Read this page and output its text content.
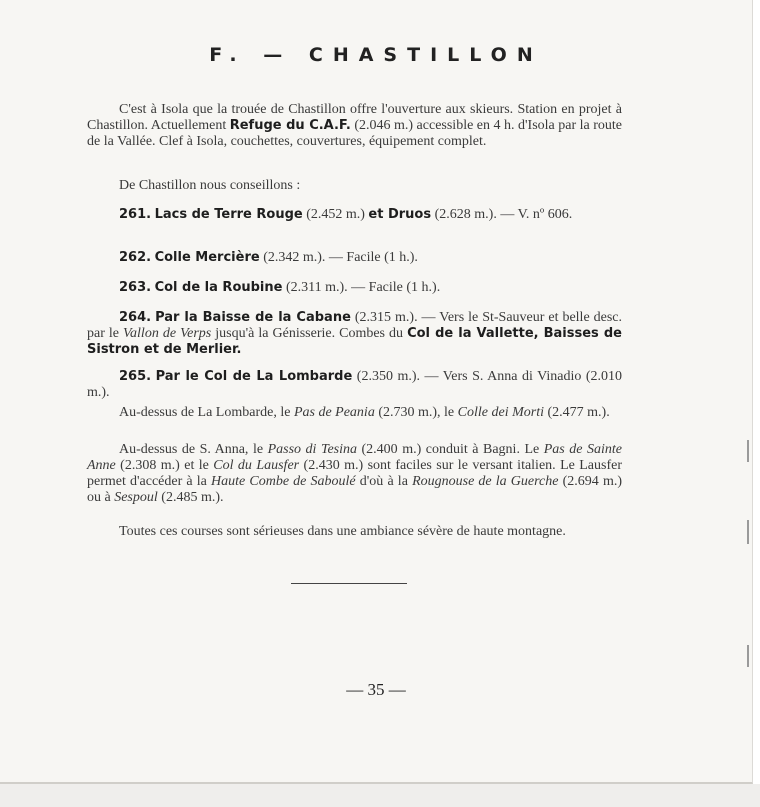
F. — CHASTILLON
C'est à Isola que la trouée de Chastillon offre l'ouverture aux skieurs. Station en projet à Chastillon. Actuellement Refuge du C.A.F. (2.046 m.) accessible en 4 h. d'Isola par la route de la Vallée. Clef à Isola, couchettes, couvertures, équipement complet.
De Chastillon nous conseillons :
261. Lacs de Terre Rouge (2.452 m.) et Druos (2.628 m.). — V. nº 606.
262. Colle Mercière (2.342 m.). — Facile (1 h.).
263. Col de la Roubine (2.311 m.). — Facile (1 h.).
264. Par la Baisse de la Cabane (2.315 m.). — Vers le St-Sauveur et belle desc. par le Vallon de Verps jusqu'à la Génisserie. Combes du Col de la Vallette, Baisses de Sistron et de Merlier.
265. Par le Col de La Lombarde (2.350 m.). — Vers S. Anna di Vinadio (2.010 m.).
Au-dessus de La Lombarde, le Pas de Peania (2.730 m.), le Colle dei Morti (2.477 m.).
Au-dessus de S. Anna, le Passo di Tesina (2.400 m.) conduit à Bagni. Le Pas de Sainte Anne (2.308 m.) et le Col du Lausfer (2.430 m.) sont faciles sur le versant italien. Le Lausfer permet d'accéder à la Haute Combe de Saboulé d'où à la Rougnouse de la Guerche (2.694 m.) ou à Sespoul (2.485 m.).
Toutes ces courses sont sérieuses dans une ambiance sévère de haute montagne.
— 35 —
